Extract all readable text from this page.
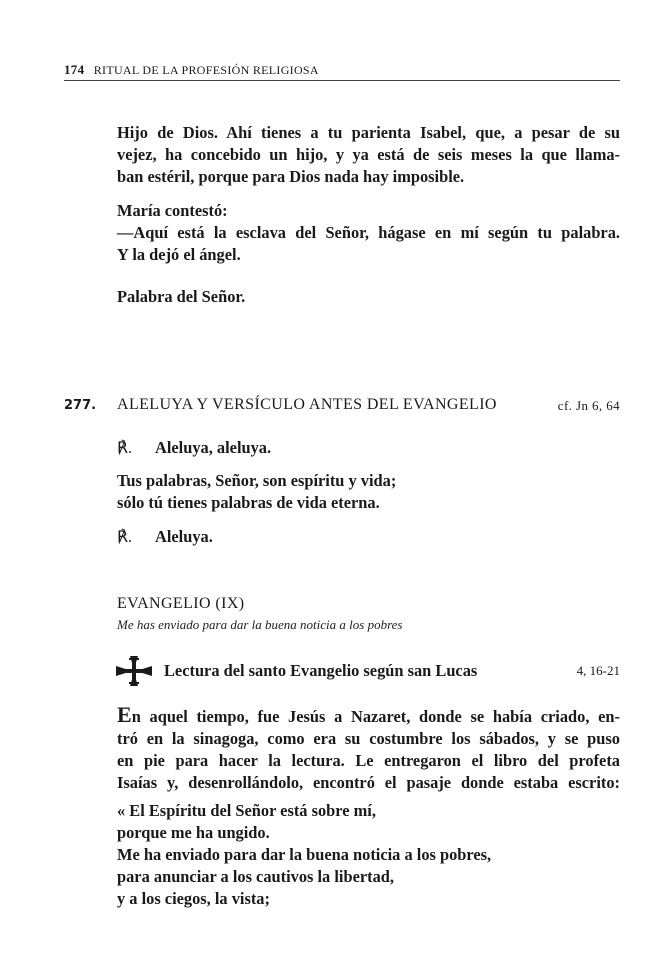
174 RITUAL DE LA PROFESIÓN RELIGIOSA

Hijo de Dios. Ahí tienes a tu parienta Isabel, que, a pesar de su
vejez, ha concebido un hijo, y ya está de seis meses la que llama-
ban estéril, porque para Dios nada hay imposible.

María contestó:
—Aquí está la esclava del Señor, hágase en mí según tu palabra.
Y la dejó el ángel.

Palabra del Señor.

277. ALELUYA Y VERSÍCULO ANTES DEL EVANGELIO	cf. Jn 6, 64
℟.	Aleluya, aleluya.

Tus palabras, Señor, son espíritu y vida;
sólo tú tienes palabras de vida eterna.

℟.	Aleluya.
EVANGELIO (IX)
Me has enviado para dar la buena noticia a los pobres
Lectura del santo Evangelio según san Lucas	4, 16-21

En aquel tiempo, fue Jesús a Nazaret, donde se había criado, en-
tró en la sinagoga, como era su costumbre los sábados, y se puso
en pie para hacer la lectura. Le entregaron el libro del profeta
Isaías y, desenrollándolo, encontró el pasaje donde estaba escrito:

« El Espíritu del Señor está sobre mí,
porque me ha ungido.
Me ha enviado para dar la buena noticia a los pobres,
para anunciar a los cautivos la libertad,
y a los ciegos, la vista;
